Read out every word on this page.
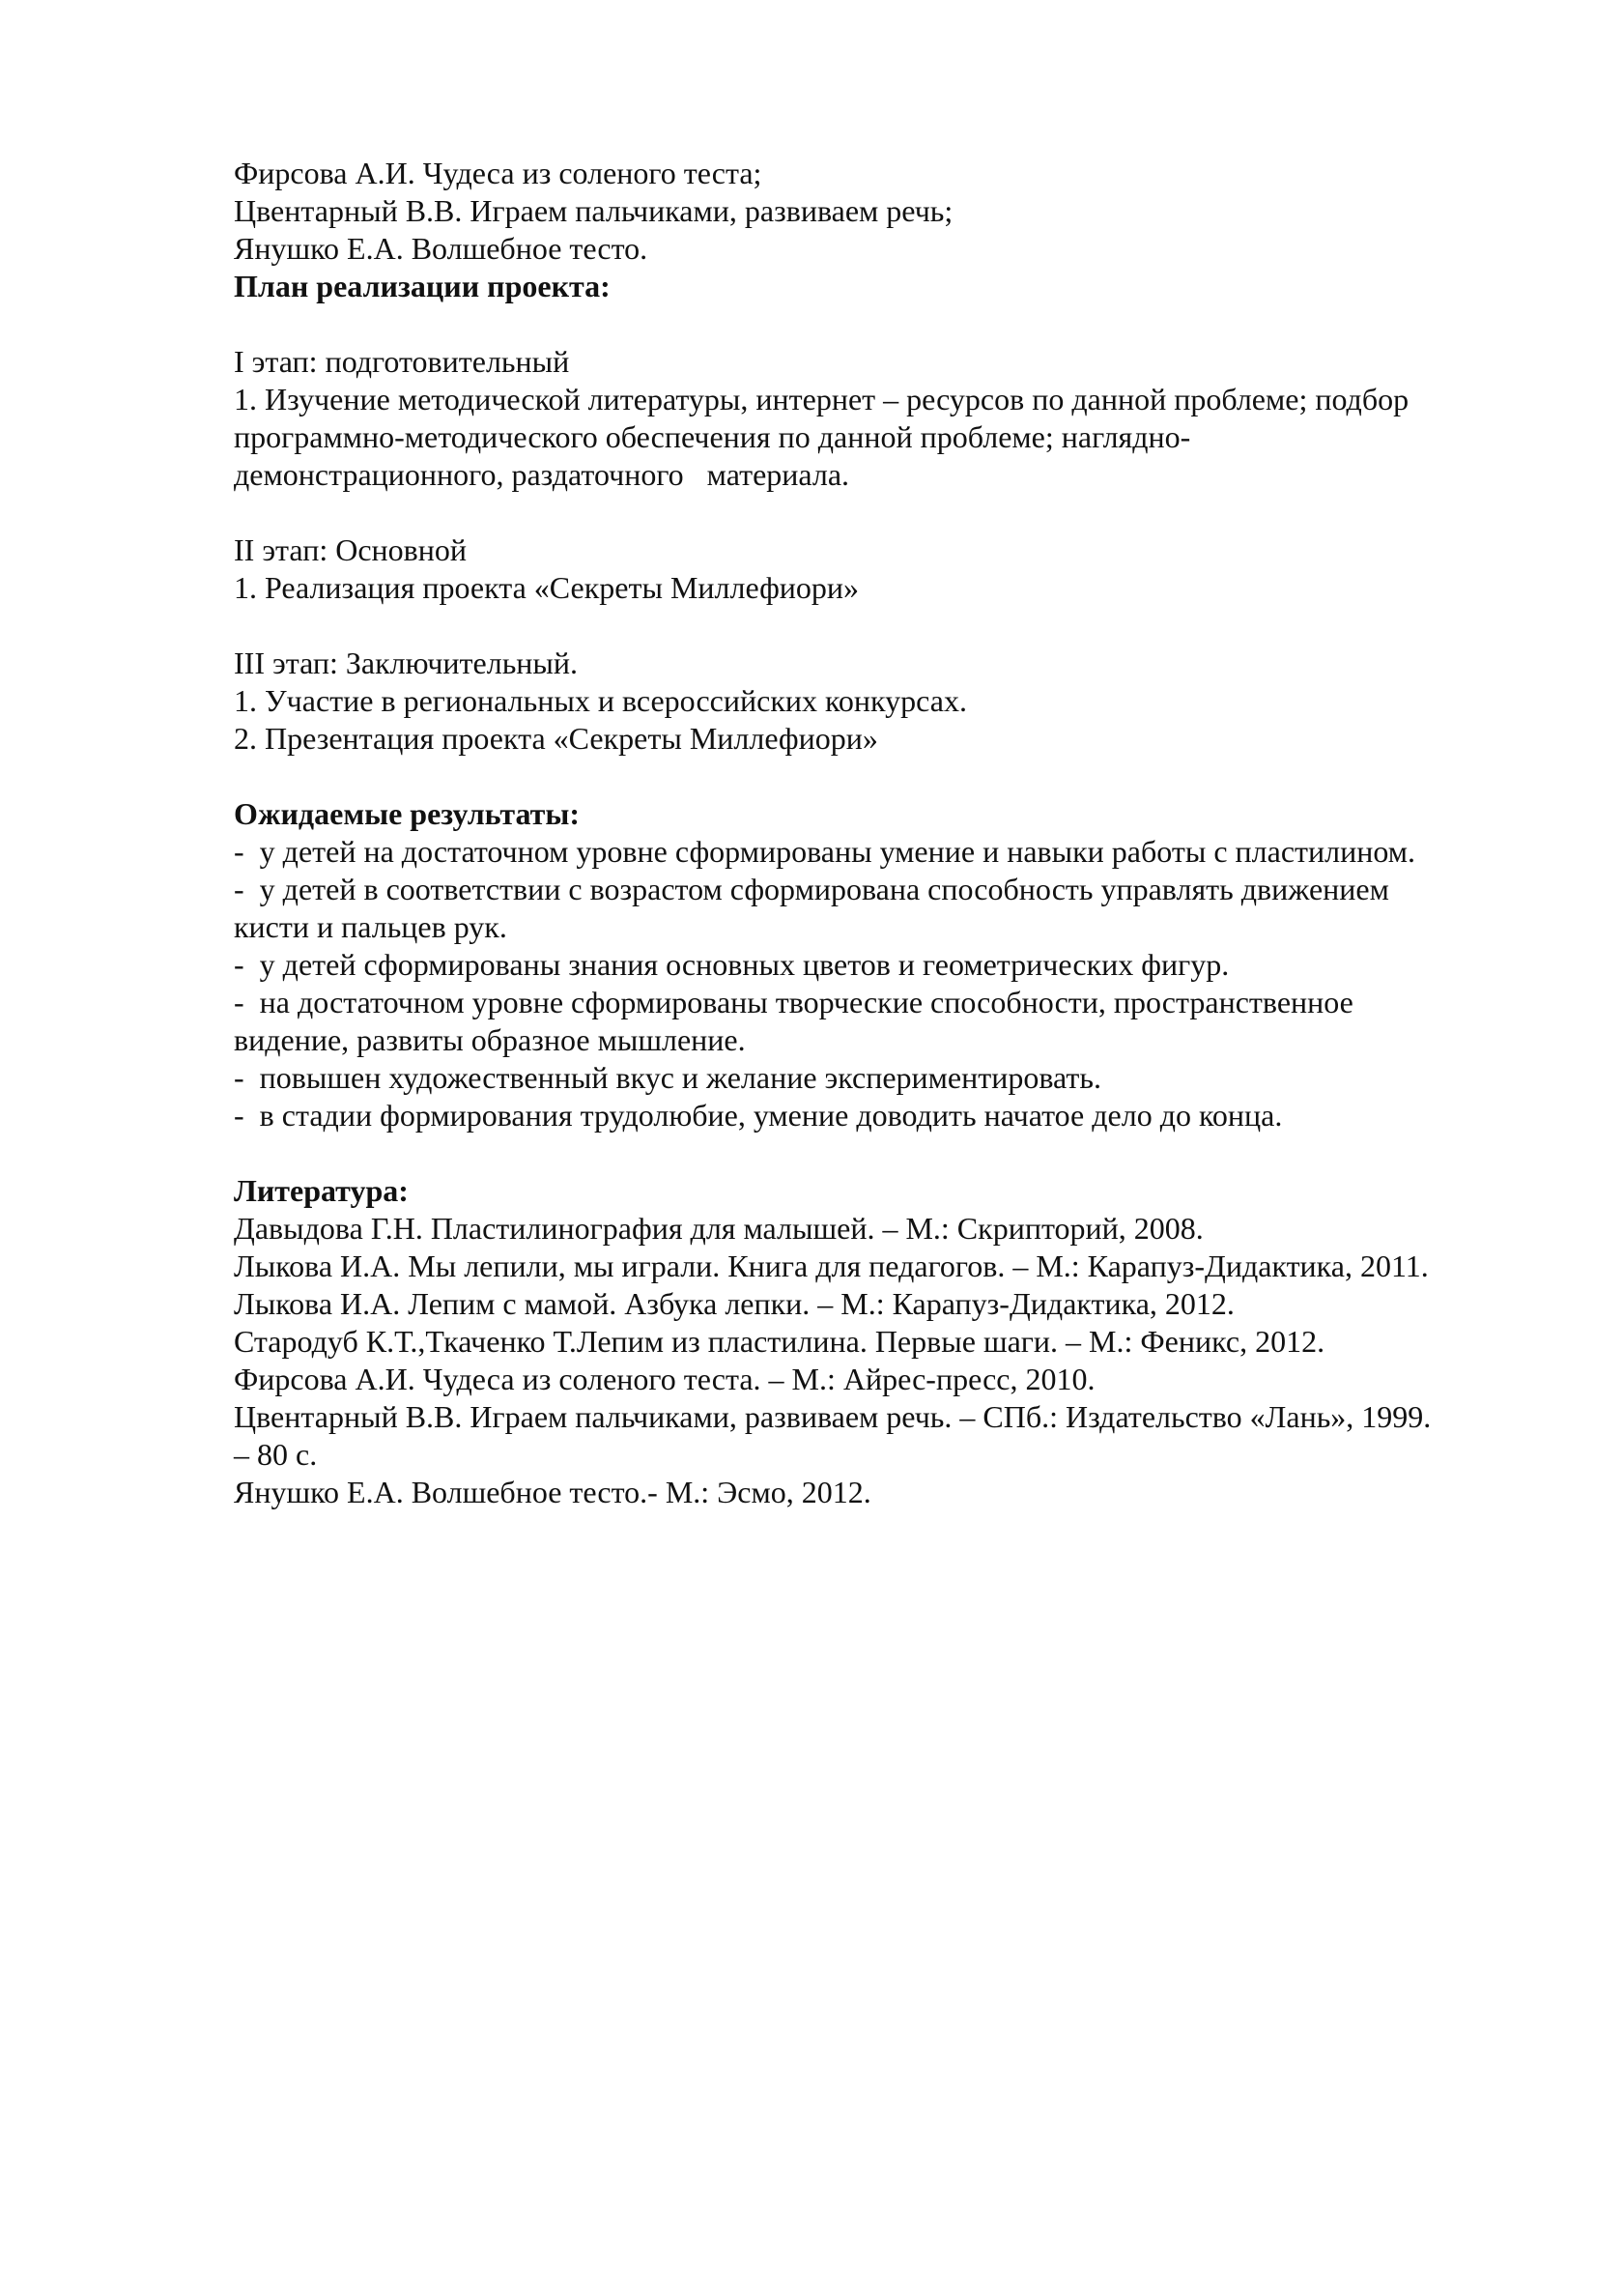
Фирсова А.И. Чудеса из соленого теста;
Цвентарный В.В. Играем пальчиками, развиваем речь;
Янушко Е.А. Волшебное тесто.
План реализации проекта:
I этап: подготовительный
1. Изучение методической литературы, интернет – ресурсов по данной проблеме; подбор
программно-методического обеспечения по данной проблеме; наглядно-
демонстрационного, раздаточного   материала.
II этап: Основной
1. Реализация проекта «Секреты Миллефиори»
III этап: Заключительный.
1. Участие в региональных и всероссийских конкурсах.
2. Презентация проекта «Секреты Миллефиори»
Ожидаемые результаты:
-  у детей на достаточном уровне сформированы умение и навыки работы с пластилином.
-  у детей в соответствии с возрастом сформирована способность управлять движением
кисти и пальцев рук.
-  у детей сформированы знания основных цветов и геометрических фигур.
-  на достаточном уровне сформированы творческие способности, пространственное
видение, развиты образное мышление.
-  повышен художественный вкус и желание экспериментировать.
-  в стадии формирования трудолюбие, умение доводить начатое дело до конца.
Литература:
Давыдова Г.Н. Пластилинография для малышей. – М.: Скрипторий, 2008.
Лыкова И.А. Мы лепили, мы играли. Книга для педагогов. – М.: Карапуз-Дидактика, 2011.
Лыкова И.А. Лепим с мамой. Азбука лепки. – М.: Карапуз-Дидактика, 2012.
Стародуб К.Т.,Ткаченко Т.Лепим из пластилина. Первые шаги. – М.: Феникс, 2012.
Фирсова А.И. Чудеса из соленого теста. – М.: Айрес-пресс, 2010.
Цвентарный В.В. Играем пальчиками, развиваем речь. – СПб.: Издательство «Лань», 1999.
– 80 с.
Янушко Е.А. Волшебное тесто.- М.: Эсмо, 2012.
